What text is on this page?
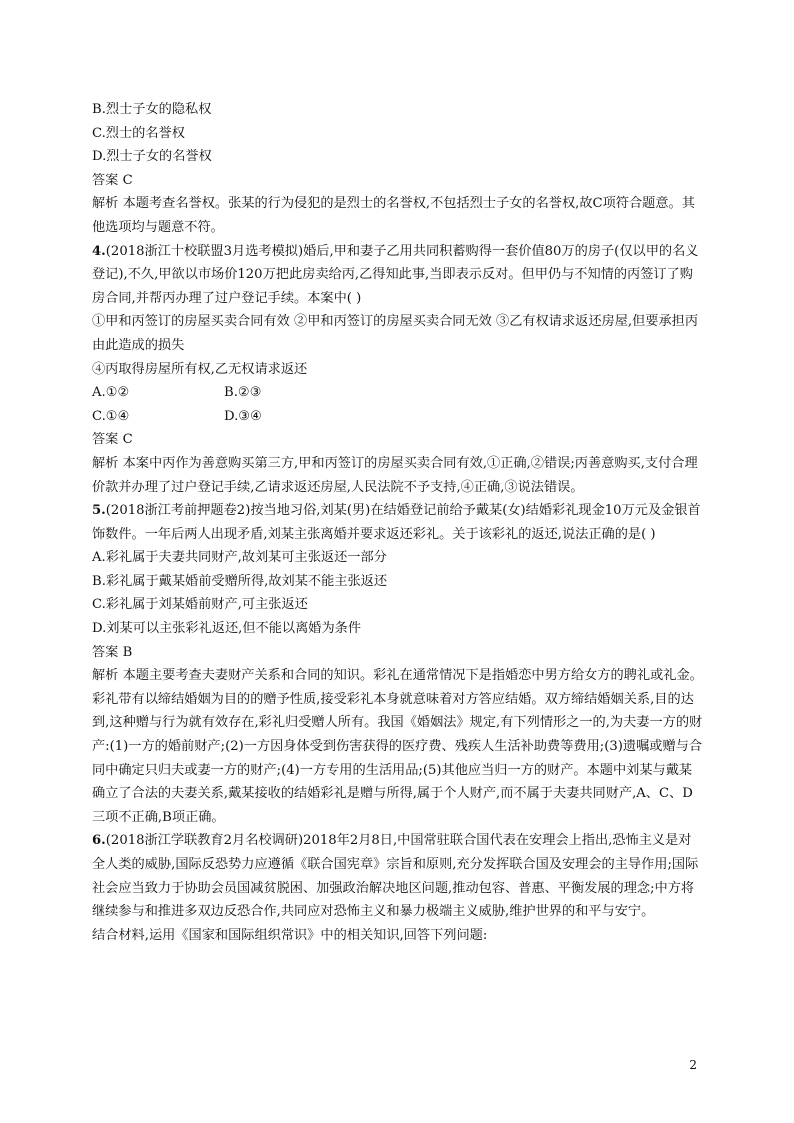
B.烈士子女的隐私权
C.烈士的名誉权
D.烈士子女的名誉权
答案 C
解析 本题考查名誉权。张某的行为侵犯的是烈士的名誉权,不包括烈士子女的名誉权,故C项符合题意。其他选项均与题意不符。
4.(2018浙江十校联盟3月选考模拟)婚后,甲和妻子乙用共同积蓄购得一套价值80万的房子(仅以甲的名义登记),不久,甲欲以市场价120万把此房卖给丙,乙得知此事,当即表示反对。但甲仍与不知情的丙签订了购房合同,并帮丙办理了过户登记手续。本案中( )
①甲和丙签订的房屋买卖合同有效 ②甲和丙签订的房屋买卖合同无效 ③乙有权请求返还房屋,但要承担丙由此造成的损失
④丙取得房屋所有权,乙无权请求返还
A.①②	B.②③
C.①④	D.③④
答案 C
解析 本案中丙作为善意购买第三方,甲和丙签订的房屋买卖合同有效,①正确,②错误;丙善意购买,支付合理价款并办理了过户登记手续,乙请求返还房屋,人民法院不予支持,④正确,③说法错误。
5.(2018浙江考前押题卷2)按当地习俗,刘某(男)在结婚登记前给予戴某(女)结婚彩礼现金10万元及金银首饰数件。一年后两人出现矛盾,刘某主张离婚并要求返还彩礼。关于该彩礼的返还,说法正确的是( )
A.彩礼属于夫妻共同财产,故刘某可主张返还一部分
B.彩礼属于戴某婚前受赠所得,故刘某不能主张返还
C.彩礼属于刘某婚前财产,可主张返还
D.刘某可以主张彩礼返还,但不能以离婚为条件
答案 B
解析 本题主要考查夫妻财产关系和合同的知识。彩礼在通常情况下是指婚恋中男方给女方的聘礼或礼金。彩礼带有以缔结婚姻为目的的赠予性质,接受彩礼本身就意味着对方答应结婚。双方缔结婚姻关系,目的达到,这种赠与行为就有效存在,彩礼归受赠人所有。我国《婚姻法》规定,有下列情形之一的,为夫妻一方的财产:(1)一方的婚前财产;(2)一方因身体受到伤害获得的医疗费、残疾人生活补助费等费用;(3)遗嘱或赠与合同中确定只归夫或妻一方的财产;(4)一方专用的生活用品;(5)其他应当归一方的财产。本题中刘某与戴某确立了合法的夫妻关系,戴某接收的结婚彩礼是赠与所得,属于个人财产,而不属于夫妻共同财产,A、C、D三项不正确,B项正确。
6.(2018浙江学联教育2月名校调研)2018年2月8日,中国常驻联合国代表在安理会上指出,恐怖主义是对全人类的威胁,国际反恐势力应遵循《联合国宪章》宗旨和原则,充分发挥联合国及安理会的主导作用;国际社会应当致力于协助会员国减贫脱困、加强政治解决地区问题,推动包容、普惠、平衡发展的理念;中方将继续参与和推进多双边反恐合作,共同应对恐怖主义和暴力极端主义威胁,维护世界的和平与安宁。
结合材料,运用《国家和国际组织常识》中的相关知识,回答下列问题:
2
